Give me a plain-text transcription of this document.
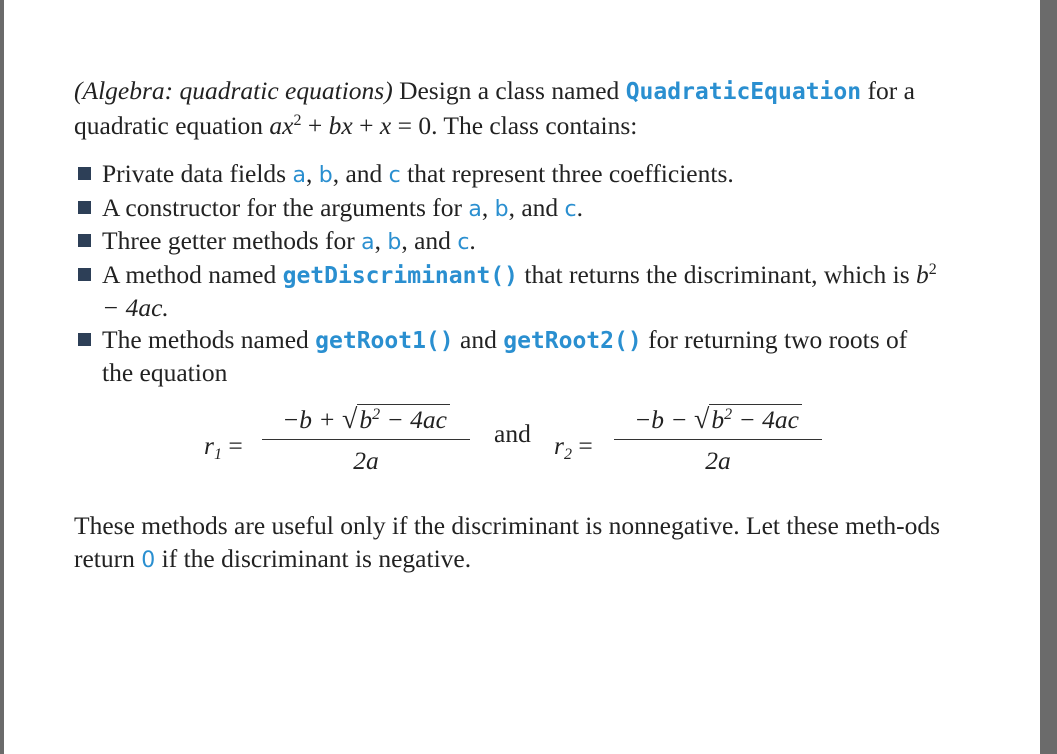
(Algebra: quadratic equations) Design a class named QuadraticEquation for a quadratic equation $ax^2$ + bx + x = 0. The class contains:

Private data fields a, b, and c that represent three coefficients.
A constructor for the arguments for a, b, and c.
Three getter methods for a, b, and c.
A method named getDiscriminant() that returns the discriminant, which is $b^2 - 4ac$.
The methods named getRoot1() and getRoot2() for returning two roots of the equation
$r_1$ =
$-b + √b^2 - 4ac$
2a
and $r_2$ =
$-b - √b^2 - 4ac$
2a

These methods are useful only if the discriminant is nonnegative. Let these meth-ods return 0 if the discriminant is negative.
